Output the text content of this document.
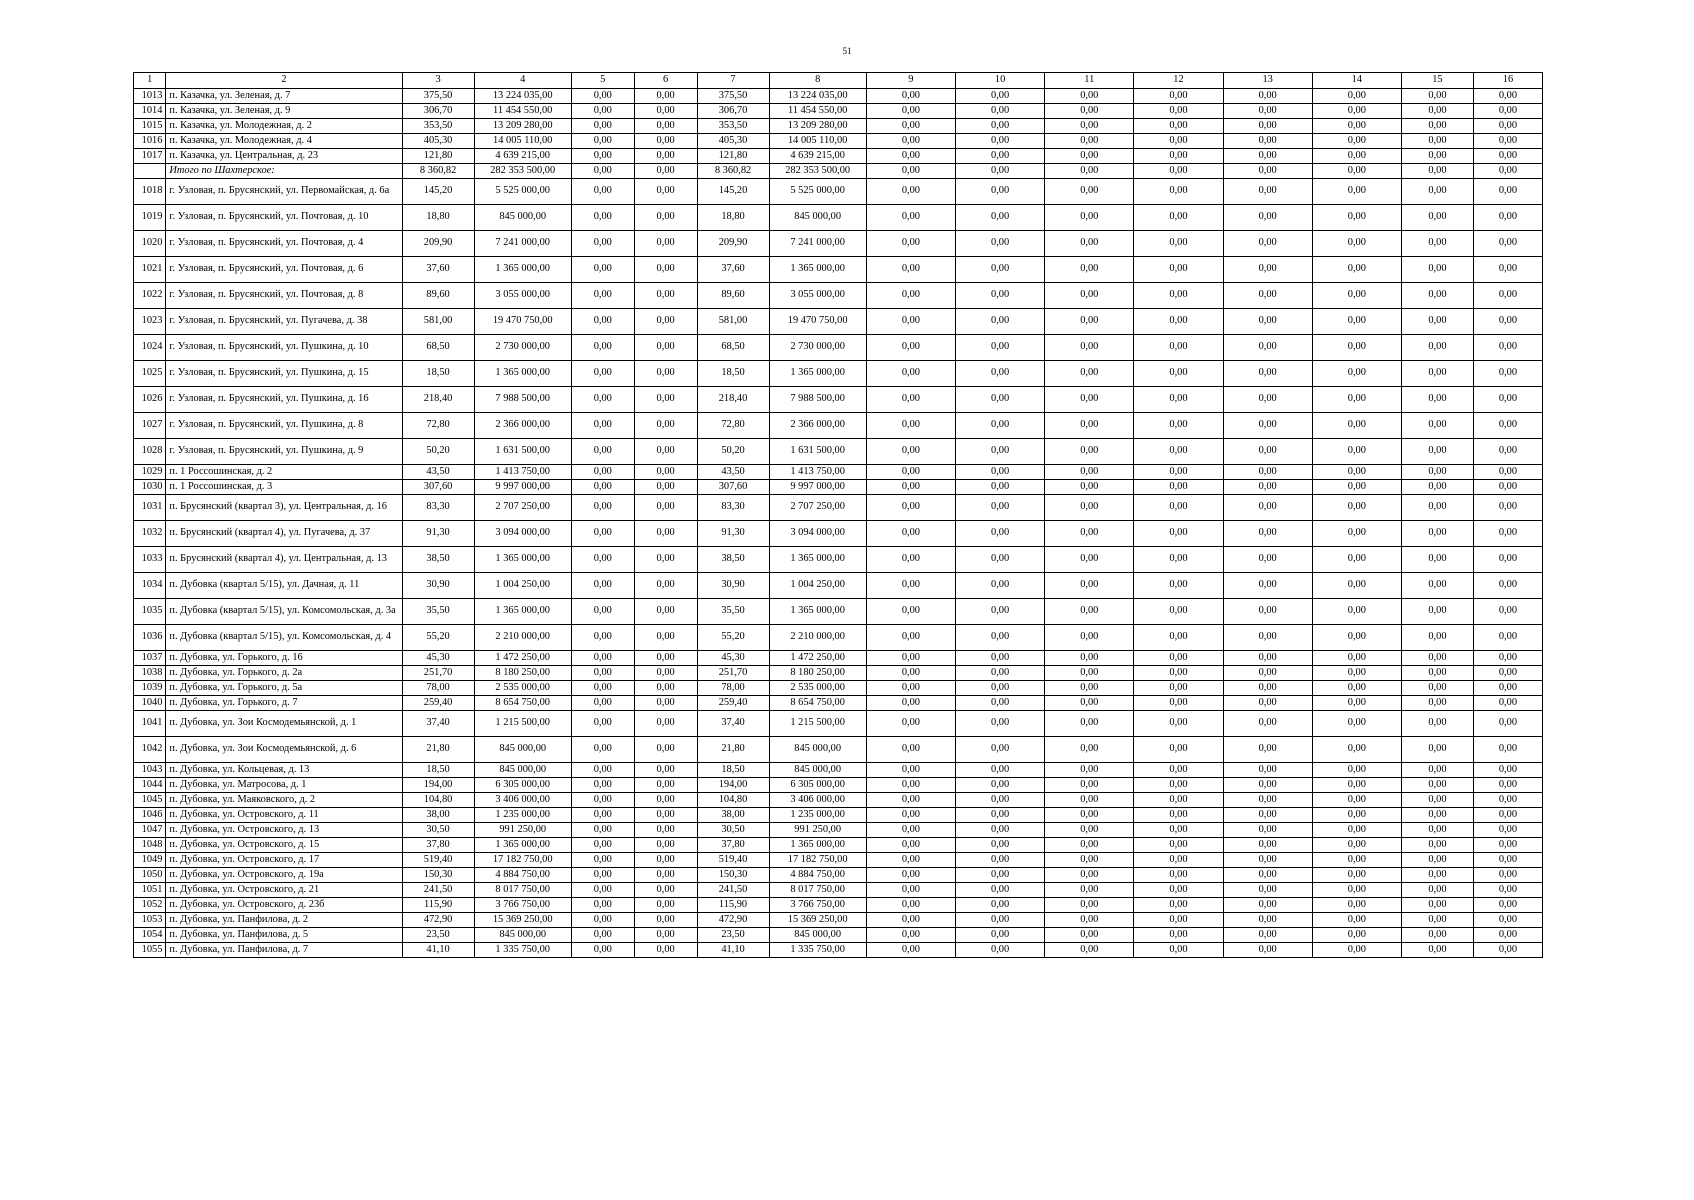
51
1	2	3	4	5	6	7	8	9	10	11	12	13	14	15	16
1013	п. Казачка, ул. Зеленая, д. 7	375,50	13 224 035,00	0,00	0,00	375,50	13 224 035,00	0,00	0,00	0,00	0,00	0,00	0,00	0,00	0,00
1014	п. Казачка, ул. Зеленая, д. 9	306,70	11 454 550,00	0,00	0,00	306,70	11 454 550,00	0,00	0,00	0,00	0,00	0,00	0,00	0,00	0,00
1015	п. Казачка, ул. Молодежная, д. 2	353,50	13 209 280,00	0,00	0,00	353,50	13 209 280,00	0,00	0,00	0,00	0,00	0,00	0,00	0,00	0,00
1016	п. Казачка, ул. Молодежная, д. 4	405,30	14 005 110,00	0,00	0,00	405,30	14 005 110,00	0,00	0,00	0,00	0,00	0,00	0,00	0,00	0,00
1017	п. Казачка, ул. Центральная, д. 23	121,80	4 639 215,00	0,00	0,00	121,80	4 639 215,00	0,00	0,00	0,00	0,00	0,00	0,00	0,00	0,00
	Итого по Шахтерское:	8 360,82	282 353 500,00	0,00	0,00	8 360,82	282 353 500,00	0,00	0,00	0,00	0,00	0,00	0,00	0,00	0,00
1018	г. Узловая, п. Брусянский, ул. Первомайская, д. 6а	145,20	5 525 000,00	0,00	0,00	145,20	5 525 000,00	0,00	0,00	0,00	0,00	0,00	0,00	0,00	0,00
1019	г. Узловая, п. Брусянский, ул. Почтовая, д. 10	18,80	845 000,00	0,00	0,00	18,80	845 000,00	0,00	0,00	0,00	0,00	0,00	0,00	0,00	0,00
1020	г. Узловая, п. Брусянский, ул. Почтовая, д. 4	209,90	7 241 000,00	0,00	0,00	209,90	7 241 000,00	0,00	0,00	0,00	0,00	0,00	0,00	0,00	0,00
1021	г. Узловая, п. Брусянский, ул. Почтовая, д. 6	37,60	1 365 000,00	0,00	0,00	37,60	1 365 000,00	0,00	0,00	0,00	0,00	0,00	0,00	0,00	0,00
1022	г. Узловая, п. Брусянский, ул. Почтовая, д. 8	89,60	3 055 000,00	0,00	0,00	89,60	3 055 000,00	0,00	0,00	0,00	0,00	0,00	0,00	0,00	0,00
1023	г. Узловая, п. Брусянский, ул. Пугачева, д. 38	581,00	19 470 750,00	0,00	0,00	581,00	19 470 750,00	0,00	0,00	0,00	0,00	0,00	0,00	0,00	0,00
1024	г. Узловая, п. Брусянский, ул. Пушкина, д. 10	68,50	2 730 000,00	0,00	0,00	68,50	2 730 000,00	0,00	0,00	0,00	0,00	0,00	0,00	0,00	0,00
1025	г. Узловая, п. Брусянский, ул. Пушкина, д. 15	18,50	1 365 000,00	0,00	0,00	18,50	1 365 000,00	0,00	0,00	0,00	0,00	0,00	0,00	0,00	0,00
1026	г. Узловая, п. Брусянский, ул. Пушкина, д. 16	218,40	7 988 500,00	0,00	0,00	218,40	7 988 500,00	0,00	0,00	0,00	0,00	0,00	0,00	0,00	0,00
1027	г. Узловая, п. Брусянский, ул. Пушкина, д. 8	72,80	2 366 000,00	0,00	0,00	72,80	2 366 000,00	0,00	0,00	0,00	0,00	0,00	0,00	0,00	0,00
1028	г. Узловая, п. Брусянский, ул. Пушкина, д. 9	50,20	1 631 500,00	0,00	0,00	50,20	1 631 500,00	0,00	0,00	0,00	0,00	0,00	0,00	0,00	0,00
1029	п. 1 Россошинская, д. 2	43,50	1 413 750,00	0,00	0,00	43,50	1 413 750,00	0,00	0,00	0,00	0,00	0,00	0,00	0,00	0,00
1030	п. 1 Россошинская, д. 3	307,60	9 997 000,00	0,00	0,00	307,60	9 997 000,00	0,00	0,00	0,00	0,00	0,00	0,00	0,00	0,00
1031	п. Брусянский (квартал 3), ул. Центральная, д. 16	83,30	2 707 250,00	0,00	0,00	83,30	2 707 250,00	0,00	0,00	0,00	0,00	0,00	0,00	0,00	0,00
1032	п. Брусянский (квартал 4), ул. Пугачева, д. 37	91,30	3 094 000,00	0,00	0,00	91,30	3 094 000,00	0,00	0,00	0,00	0,00	0,00	0,00	0,00	0,00
1033	п. Брусянский (квартал 4), ул. Центральная, д. 13	38,50	1 365 000,00	0,00	0,00	38,50	1 365 000,00	0,00	0,00	0,00	0,00	0,00	0,00	0,00	0,00
1034	п. Дубовка (квартал 5/15), ул. Дачная, д. 11	30,90	1 004 250,00	0,00	0,00	30,90	1 004 250,00	0,00	0,00	0,00	0,00	0,00	0,00	0,00	0,00
1035	п. Дубовка (квартал 5/15), ул. Комсомольская, д. 3а	35,50	1 365 000,00	0,00	0,00	35,50	1 365 000,00	0,00	0,00	0,00	0,00	0,00	0,00	0,00	0,00
1036	п. Дубовка (квартал 5/15), ул. Комсомольская, д. 4	55,20	2 210 000,00	0,00	0,00	55,20	2 210 000,00	0,00	0,00	0,00	0,00	0,00	0,00	0,00	0,00
1037	п. Дубовка, ул. Горького, д. 16	45,30	1 472 250,00	0,00	0,00	45,30	1 472 250,00	0,00	0,00	0,00	0,00	0,00	0,00	0,00	0,00
1038	п. Дубовка, ул. Горького, д. 2а	251,70	8 180 250,00	0,00	0,00	251,70	8 180 250,00	0,00	0,00	0,00	0,00	0,00	0,00	0,00	0,00
1039	п. Дубовка, ул. Горького, д. 5а	78,00	2 535 000,00	0,00	0,00	78,00	2 535 000,00	0,00	0,00	0,00	0,00	0,00	0,00	0,00	0,00
1040	п. Дубовка, ул. Горького, д. 7	259,40	8 654 750,00	0,00	0,00	259,40	8 654 750,00	0,00	0,00	0,00	0,00	0,00	0,00	0,00	0,00
1041	п. Дубовка, ул. Зои Космодемьянской, д. 1	37,40	1 215 500,00	0,00	0,00	37,40	1 215 500,00	0,00	0,00	0,00	0,00	0,00	0,00	0,00	0,00
1042	п. Дубовка, ул. Зои Космодемьянской, д. 6	21,80	845 000,00	0,00	0,00	21,80	845 000,00	0,00	0,00	0,00	0,00	0,00	0,00	0,00	0,00
1043	п. Дубовка, ул. Кольцевая, д. 13	18,50	845 000,00	0,00	0,00	18,50	845 000,00	0,00	0,00	0,00	0,00	0,00	0,00	0,00	0,00
1044	п. Дубовка, ул. Матросова, д. 1	194,00	6 305 000,00	0,00	0,00	194,00	6 305 000,00	0,00	0,00	0,00	0,00	0,00	0,00	0,00	0,00
1045	п. Дубовка, ул. Маяковского, д. 2	104,80	3 406 000,00	0,00	0,00	104,80	3 406 000,00	0,00	0,00	0,00	0,00	0,00	0,00	0,00	0,00
1046	п. Дубовка, ул. Островского, д. 11	38,00	1 235 000,00	0,00	0,00	38,00	1 235 000,00	0,00	0,00	0,00	0,00	0,00	0,00	0,00	0,00
1047	п. Дубовка, ул. Островского, д. 13	30,50	991 250,00	0,00	0,00	30,50	991 250,00	0,00	0,00	0,00	0,00	0,00	0,00	0,00	0,00
1048	п. Дубовка, ул. Островского, д. 15	37,80	1 365 000,00	0,00	0,00	37,80	1 365 000,00	0,00	0,00	0,00	0,00	0,00	0,00	0,00	0,00
1049	п. Дубовка, ул. Островского, д. 17	519,40	17 182 750,00	0,00	0,00	519,40	17 182 750,00	0,00	0,00	0,00	0,00	0,00	0,00	0,00	0,00
1050	п. Дубовка, ул. Островского, д. 19а	150,30	4 884 750,00	0,00	0,00	150,30	4 884 750,00	0,00	0,00	0,00	0,00	0,00	0,00	0,00	0,00
1051	п. Дубовка, ул. Островского, д. 21	241,50	8 017 750,00	0,00	0,00	241,50	8 017 750,00	0,00	0,00	0,00	0,00	0,00	0,00	0,00	0,00
1052	п. Дубовка, ул. Островского, д. 23б	115,90	3 766 750,00	0,00	0,00	115,90	3 766 750,00	0,00	0,00	0,00	0,00	0,00	0,00	0,00	0,00
1053	п. Дубовка, ул. Панфилова, д. 2	472,90	15 369 250,00	0,00	0,00	472,90	15 369 250,00	0,00	0,00	0,00	0,00	0,00	0,00	0,00	0,00
1054	п. Дубовка, ул. Панфилова, д. 5	23,50	845 000,00	0,00	0,00	23,50	845 000,00	0,00	0,00	0,00	0,00	0,00	0,00	0,00	0,00
1055	п. Дубовка, ул. Панфилова, д. 7	41,10	1 335 750,00	0,00	0,00	41,10	1 335 750,00	0,00	0,00	0,00	0,00	0,00	0,00	0,00	0,00
